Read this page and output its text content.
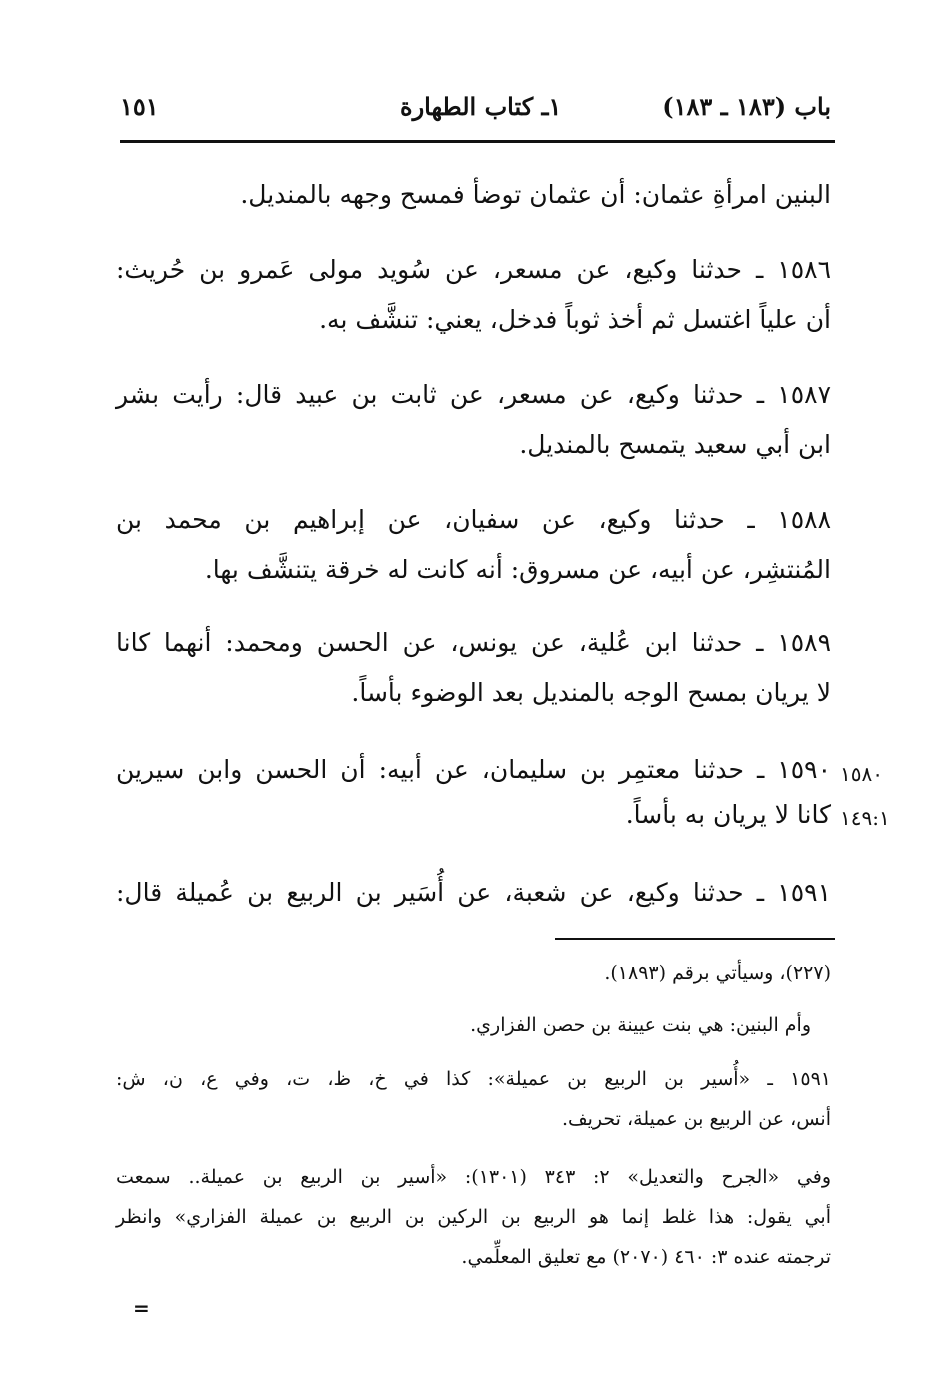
باب (١٨٣ ـ ١٨٣)
١ـ كتاب الطهارة
١٥١
البنين امرأةِ عثمان: أن عثمان توضأ فمسح وجهه بالمنديل.
١٥٨٦ ـ حدثنا وكيع، عن مسعر، عن سُويد مولى عَمرو بن حُريث:
أن علياً اغتسل ثم أخذ ثوباً فدخل، يعني: تنشَّف به.
١٥٨٧ ـ حدثنا وكيع، عن مسعر، عن ثابت بن عبيد قال: رأيت بشر
ابن أبي سعيد يتمسح بالمنديل.
١٥٨٨ ـ حدثنا وكيع، عن سفيان، عن إبراهيم بن محمد بن
المُنتشِر، عن أبيه، عن مسروق: أنه كانت له خرقة يتنشَّف بها.
١٥٨٩ ـ حدثنا ابن عُلية، عن يونس، عن الحسن ومحمد: أنهما كانا
لا يريان بمسح الوجه بالمنديل بعد الوضوء بأساً.
١٥٩٠ ـ حدثنا معتمِر بن سليمان، عن أبيه: أن الحسن وابن سيرين
كانا لا يريان به بأساً.
١٥٩١ ـ حدثنا وكيع، عن شعبة، عن أُسَير بن الربيع بن عُميلة قال:
١٥٨٠
١٤٩:١
(٢٢٧)، وسيأتي برقم (١٨٩٣).
وأم البنين: هي بنت عيينة بن حصن الفزاري.
١٥٩١ ـ «أُسير بن الربيع بن عميلة»: كذا في خ، ظ، ت، وفي ع، ن، ش:
أنس، عن الربيع بن عميلة، تحريف.
وفي «الجرح والتعديل» ٢: ٣٤٣ (١٣٠١): «أسير بن الربيع بن عميلة.. سمعت
أبي يقول: هذا غلط إنما هو الربيع بن الركين بن الربيع بن عميلة الفزاري» وانظر
ترجمته عنده ٣: ٤٦٠ (٢٠٧٠) مع تعليق المعلِّمي.
=
